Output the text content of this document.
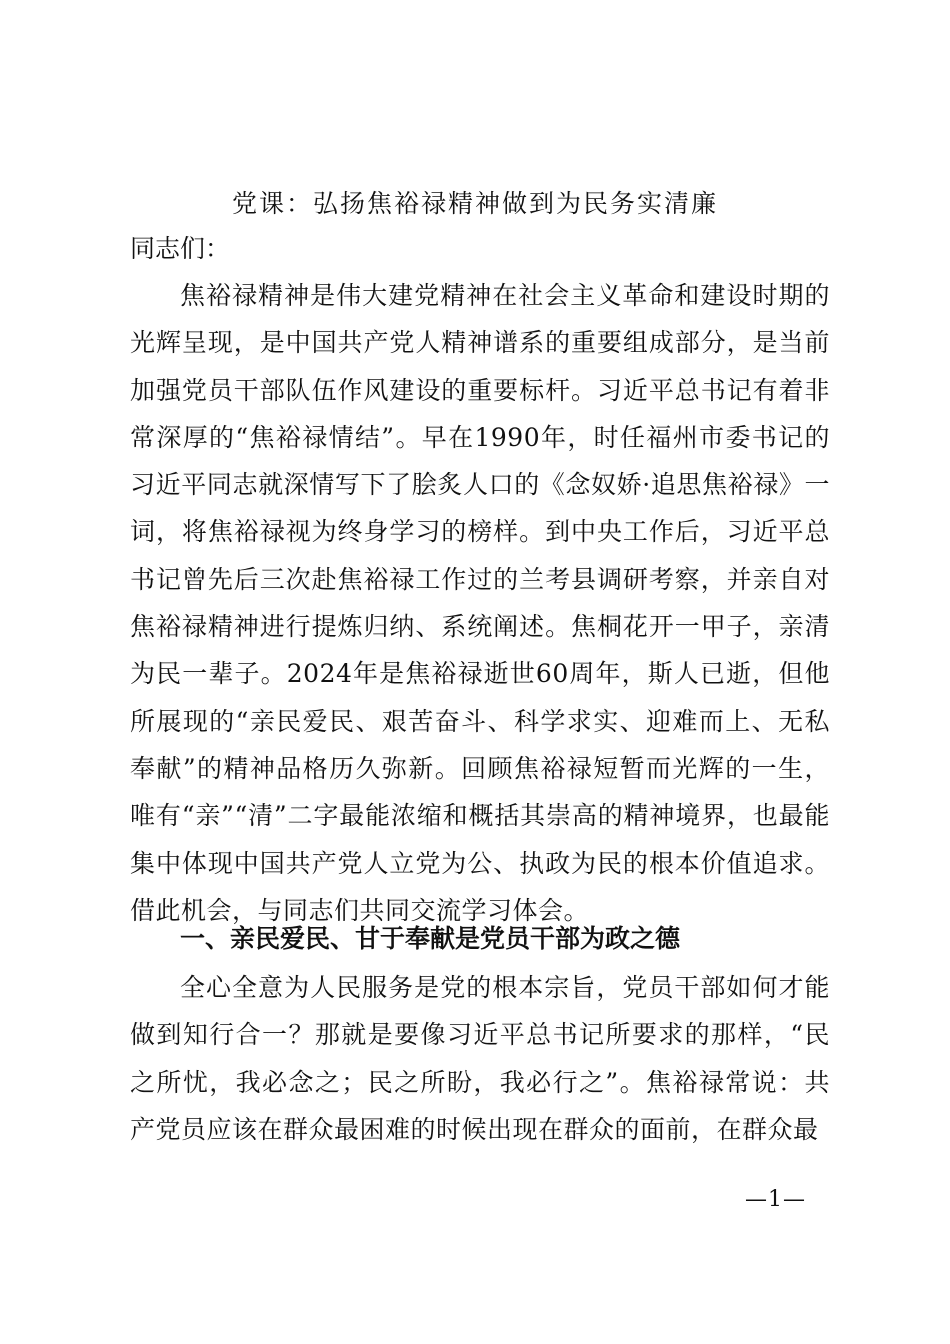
党课：弘扬焦裕禄精神做到为民务实清廉

同志们：

焦裕禄精神是伟大建党精神在社会主义革命和建设时期的光辉呈现，是中国共产党人精神谱系的重要组成部分，是当前加强党员干部队伍作风建设的重要标杆。习近平总书记有着非常深厚的“焦裕禄情结”。早在1990年，时任福州市委书记的习近平同志就深情写下了脍炙人口的《念奴娇·追思焦裕禄》一词，将焦裕禄视为终身学习的榜样。到中央工作后，习近平总书记曾先后三次赴焦裕禄工作过的兰考县调研考察，并亲自对焦裕禄精神进行提炼归纳、系统阐述。焦桐花开一甲子，亲清为民一辈子。2024年是焦裕禄逝世60周年，斯人已逝，但他所展现的“亲民爱民、艰苦奋斗、科学求实、迎难而上、无私奉献”的精神品格历久弥新。回顾焦裕禄短暂而光辉的一生，唯有“亲”“清”二字最能浓缩和概括其崇高的精神境界，也最能集中体现中国共产党人立党为公、执政为民的根本价值追求。借此机会，与同志们共同交流学习体会。

一、亲民爱民、甘于奉献是党员干部为政之德

全心全意为人民服务是党的根本宗旨，党员干部如何才能做到知行合一？那就是要像习近平总书记所要求的那样，“民之所忧，我必念之；民之所盼，我必行之”。焦裕禄常说：共产党员应该在群众最困难的时候出现在群众的面前，在群众最

—1—
